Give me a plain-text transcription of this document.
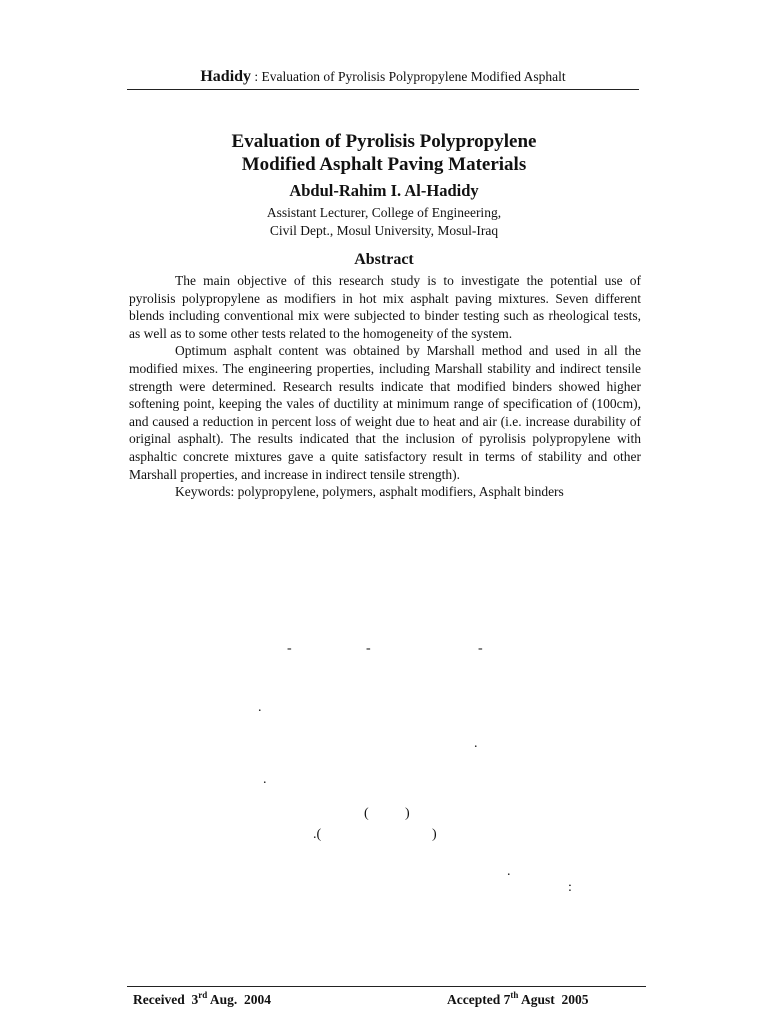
Hadidy : Evaluation of Pyrolisis Polypropylene Modified Asphalt
Evaluation of Pyrolisis Polypropylene
Modified Asphalt Paving Materials
Abdul-Rahim I. Al-Hadidy
Assistant Lecturer, College of Engineering,
Civil Dept., Mosul University, Mosul-Iraq
Abstract

The main objective of this research study is to investigate the potential use of pyrolisis polypropylene as modifiers in hot mix asphalt paving mixtures. Seven different blends including conventional mix were subjected to binder testing such as rheological tests, as well as to some other tests related to the homogeneity of the system.

Optimum asphalt content was obtained by Marshall method and used in all the modified mixes. The engineering properties, including Marshall stability and indirect tensile strength were determined. Research results indicate that modified binders showed higher softening point, keeping the vales of ductility at minimum range of specification of (100cm), and caused a reduction in percent loss of weight due to heat and air (i.e. increase durability of original asphalt). The results indicated that the inclusion of pyrolisis polypropylene with asphaltic concrete mixtures gave a quite satisfactory result in terms of stability and other Marshall properties, and increase in indirect tensile strength).

Keywords: polypropylene, polymers, asphalt modifiers, Asphalt binders

-	-	-
.
.
.
(	)
.(	)
.
:
Received 3rd Aug.  2004	Accepted 7th Agust  2005
